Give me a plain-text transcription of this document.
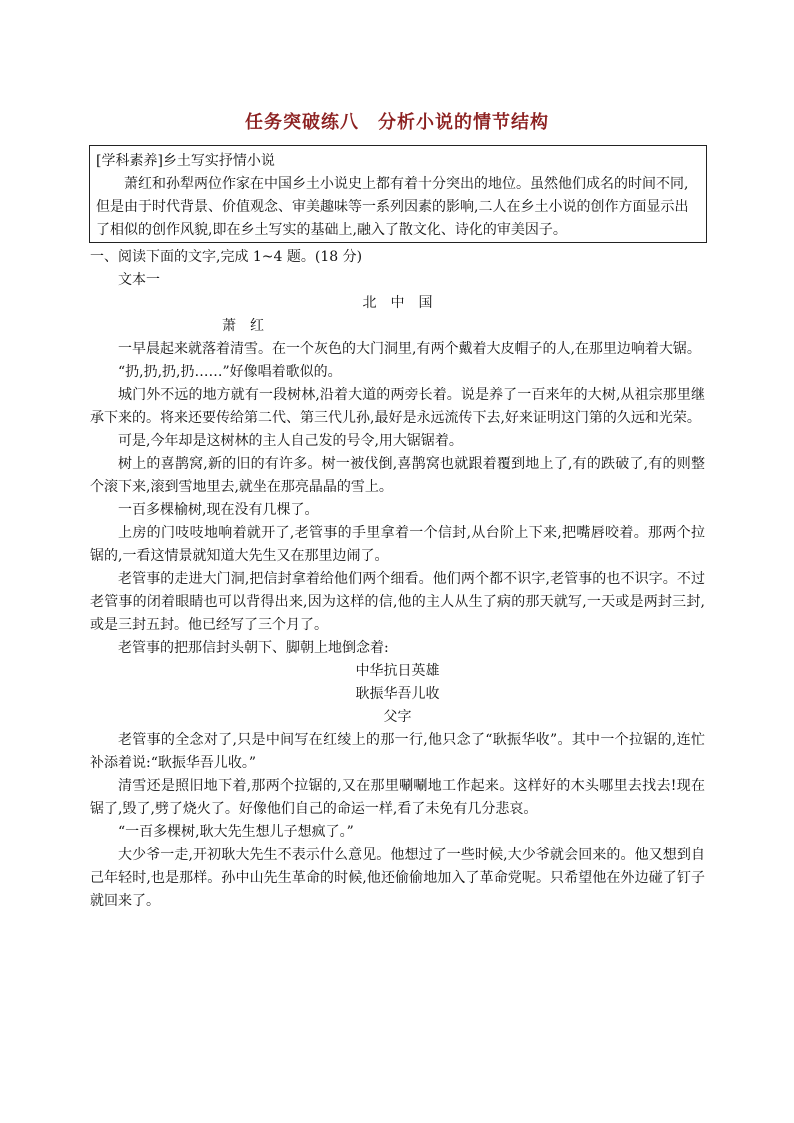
任务突破练八　分析小说的情节结构

[学科素养]乡土写实抒情小说

萧红和孙犁两位作家在中国乡土小说史上都有着十分突出的地位。虽然他们成名的时间不同,但是由于时代背景、价值观念、审美趣味等一系列因素的影响,二人在乡土小说的创作方面显示出了相似的创作风貌,即在乡土写实的基础上,融入了散文化、诗化的审美因子。

一、阅读下面的文字,完成 1~4 题。(18 分)

文本一

北　中　国

萧　红

一早晨起来就落着清雪。在一个灰色的大门洞里,有两个戴着大皮帽子的人,在那里边响着大锯。

“扔,扔,扔,扔……”好像唱着歌似的。

城门外不远的地方就有一段树林,沿着大道的两旁长着。说是养了一百来年的大树,从祖宗那里继承下来的。将来还要传给第二代、第三代儿孙,最好是永远流传下去,好来证明这门第的久远和光荣。

可是,今年却是这树林的主人自己发的号令,用大锯锯着。

树上的喜鹊窝,新的旧的有许多。树一被伐倒,喜鹊窝也就跟着覆到地上了,有的跌破了,有的则整个滚下来,滚到雪地里去,就坐在那亮晶晶的雪上。

一百多棵榆树,现在没有几棵了。

上房的门吱吱地响着就开了,老管事的手里拿着一个信封,从台阶上下来,把嘴唇咬着。那两个拉锯的,一看这情景就知道大先生又在那里边闹了。

老管事的走进大门洞,把信封拿着给他们两个细看。他们两个都不识字,老管事的也不识字。不过老管事的闭着眼睛也可以背得出来,因为这样的信,他的主人从生了病的那天就写,一天或是两封三封,或是三封五封。他已经写了三个月了。

老管事的把那信封头朝下、脚朝上地倒念着:

中华抗日英雄

耿振华吾儿收

父字

老管事的全念对了,只是中间写在红绫上的那一行,他只念了“耿振华收”。其中一个拉锯的,连忙补添着说:“耿振华吾儿收。”

清雪还是照旧地下着,那两个拉锯的,又在那里唰唰地工作起来。这样好的木头哪里去找去!现在锯了,毁了,劈了烧火了。好像他们自己的命运一样,看了未免有几分悲哀。

“一百多棵树,耿大先生想儿子想疯了。”

大少爷一走,开初耿大先生不表示什么意见。他想过了一些时候,大少爷就会回来的。他又想到自己年轻时,也是那样。孙中山先生革命的时候,他还偷偷地加入了革命党呢。只希望他在外边碰了钉子就回来了。
